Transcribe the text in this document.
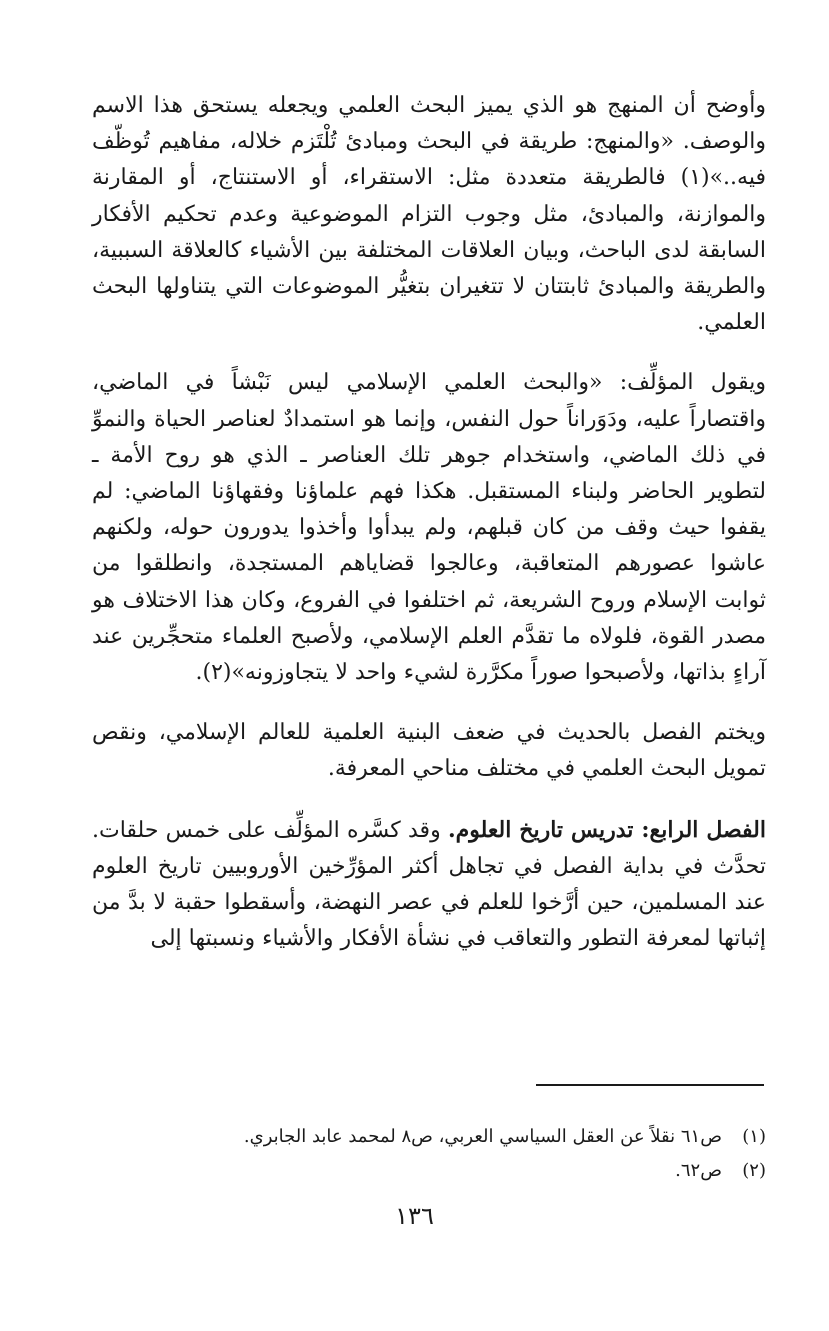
وأوضح أن المنهج هو الذي يميز البحث العلمي ويجعله يستحق هذا الاسم والوصف. «والمنهج: طريقة في البحث ومبادئ تُلْتَزم خلاله، مفاهيم تُوظّف فيه..»(١) فالطريقة متعددة مثل: الاستقراء، أو الاستنتاج، أو المقارنة والموازنة، والمبادئ، مثل وجوب التزام الموضوعية وعدم تحكيم الأفكار السابقة لدى الباحث، وبيان العلاقات المختلفة بين الأشياء كالعلاقة السببية، والطريقة والمبادئ ثابتتان لا تتغيران بتغيُّر الموضوعات التي يتناولها البحث العلمي.

ويقول المؤلِّف: «والبحث العلمي الإسلامي ليس نَبْشاً في الماضي، واقتصاراً عليه، ودَوَراناً حول النفس، وإنما هو استمدادٌ لعناصر الحياة والنموِّ في ذلك الماضي، واستخدام جوهر تلك العناصر ـ الذي هو روح الأمة ـ لتطوير الحاضر ولبناء المستقبل. هكذا فهم علماؤنا وفقهاؤنا الماضي: لم يقفوا حيث وقف من كان قبلهم، ولم يبدأوا وأخذوا يدورون حوله، ولكنهم عاشوا عصورهم المتعاقبة، وعالجوا قضاياهم المستجدة، وانطلقوا من ثوابت الإسلام وروح الشريعة، ثم اختلفوا في الفروع، وكان هذا الاختلاف هو مصدر القوة، فلولاه ما تقدَّم العلم الإسلامي، ولأصبح العلماء متحجِّرين عند آراءٍ بذاتها، ولأصبحوا صوراً مكرَّرة لشيء واحد لا يتجاوزونه»(٢).

ويختم الفصل بالحديث في ضعف البنية العلمية للعالم الإسلامي، ونقص تمويل البحث العلمي في مختلف مناحي المعرفة.

الفصل الرابع: تدريس تاريخ العلوم. وقد كسَّره المؤلِّف على خمس حلقات. تحدَّث في بداية الفصل في تجاهل أكثر المؤرِّخين الأوروبيين تاريخ العلوم عند المسلمين، حين أرَّخوا للعلم في عصر النهضة، وأسقطوا حقبة لا بدَّ من إثباتها لمعرفة التطور والتعاقب في نشأة الأفكار والأشياء ونسبتها إلى

(١)ص٦١ نقلاً عن العقل السياسي العربي، ص٨ لمحمد عابد الجابري.

(٢)ص٦٢.

١٣٦
